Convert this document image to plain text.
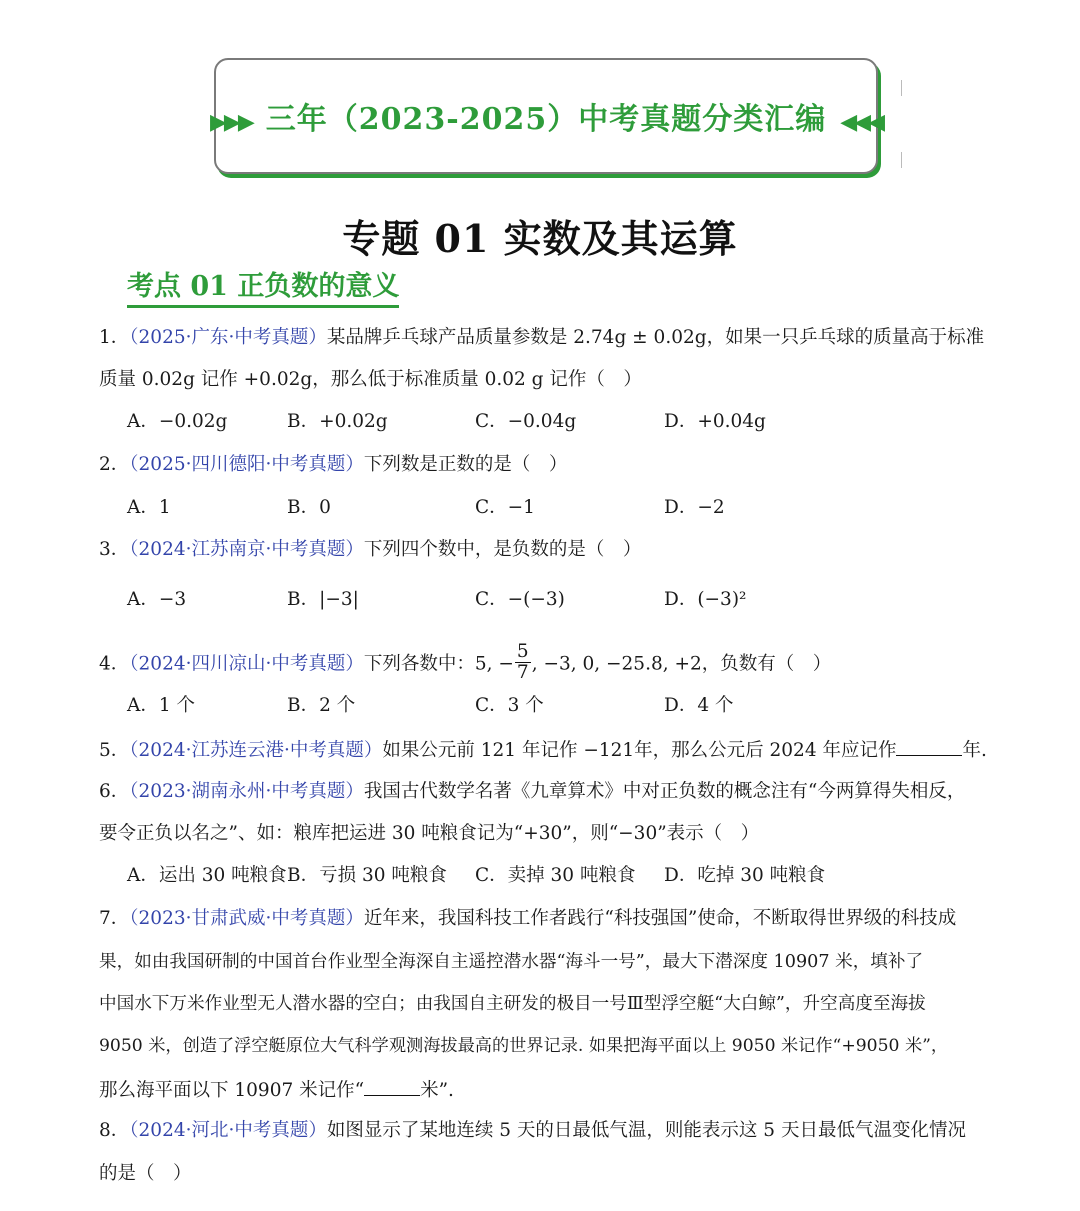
▶▶▶ 三年（2023-2025）中考真题分类汇编 ◀◀◀
专题 01 实数及其运算
考点 01 正负数的意义
1．（2025·广东·中考真题）某品牌乒乓球产品质量参数是 2.74g ± 0.02g，如果一只乒乓球的质量高于标准
质量 0.02g 记作 +0.02g，那么低于标准质量 0.02 g 记作（　）
A．−0.02g	B．+0.02g	C．−0.04g	D．+0.04g
2．（2025·四川德阳·中考真题）下列数是正数的是（　）
A．1	B．0	C．−1	D．−2
3．（2024·江苏南京·中考真题）下列四个数中，是负数的是（　）
A．−3	B．|−3|	C．−(−3)	D．(−3)²
4．（2024·四川凉山·中考真题）下列各数中：5, − $\frac{5}{7}$ , −3, 0, −25.8, +2，负数有（　）
A．1 个	B．2 个	C．3 个	D．4 个
5．（2024·江苏连云港·中考真题）如果公元前 121 年记作 −121年，那么公元后 2024 年应记作	年.
6．（2023·湖南永州·中考真题）我国古代数学名著《九章算术》中对正负数的概念注有“今两算得失相反，
要令正负以名之”、如：粮库把运进 30 吨粮食记为“+30”，则“−30”表示（　）
A．运出 30 吨粮食 B．亏损 30 吨粮食 C．卖掉 30 吨粮食 D．吃掉 30 吨粮食
7．（2023·甘肃武威·中考真题）近年来，我国科技工作者践行“科技强国”使命，不断取得世界级的科技成
果，如由我国研制的中国首台作业型全海深自主遥控潜水器“海斗一号”，最大下潜深度 10907 米，填补了
中国水下万米作业型无人潜水器的空白；由我国自主研发的极目一号Ⅲ型浮空艇“大白鲸”，升空高度至海拔
9050 米，创造了浮空艇原位大气科学观测海拔最高的世界记录. 如果把海平面以上 9050 米记作“+9050 米”，
那么海平面以下 10907 米记作“	米”.
8．（2024·河北·中考真题）如图显示了某地连续 5 天的日最低气温，则能表示这 5 天日最低气温变化情况
的是（　）
